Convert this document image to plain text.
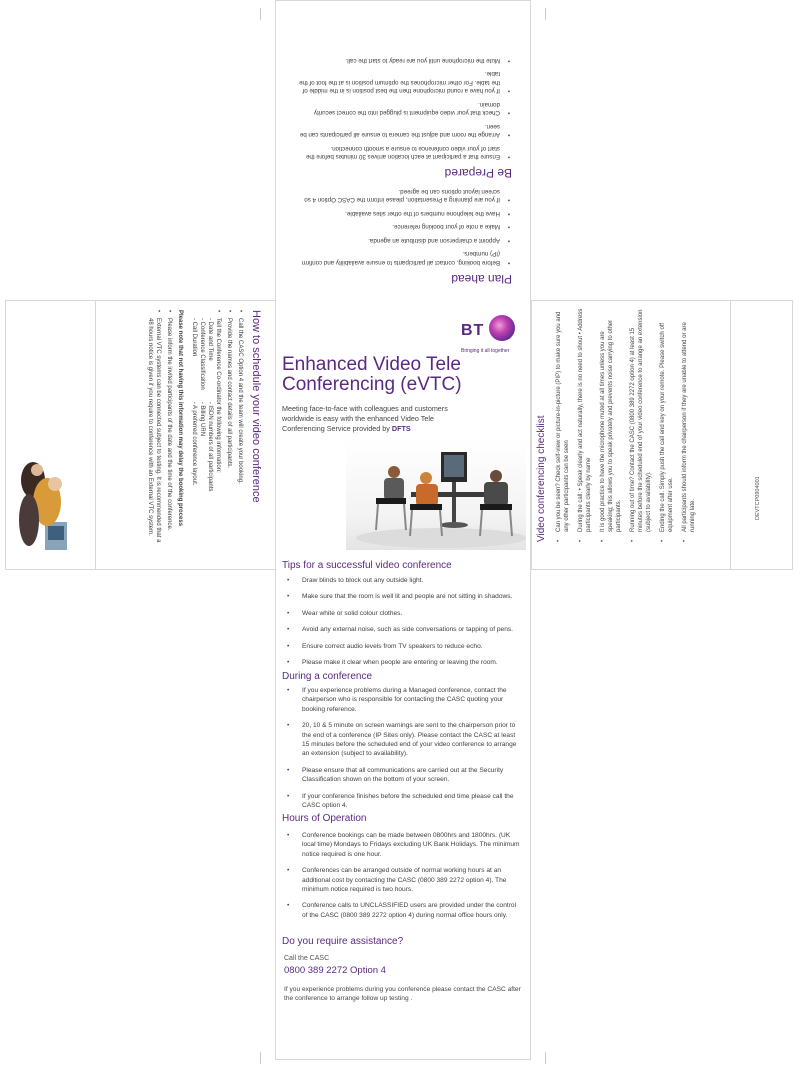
Plan ahead
• Before booking, contact all participants to ensure availability and confirm (IP) numbers.
• Appoint a chairperson and distribute an agenda.
• Make a note of your booking reference.
• Have the telephone numbers of the other sites available.
• If you are planning a Presentation, please inform the CASC Option 4 so screen layout options can be agreed.
Be Prepared
• Ensure that a participant at each location arrives 30 minutes before the start of your video conference to ensure a smooth connection.
• Arrange the room and adjust the camera to ensure all participants can be seen.
• Check that your video equipment is plugged into the correct security domain.
• If you have a round microphone then the best position is in the middle of the table. For other microphones the optimum position is at the foot of the table.
• Mute the microphone until you are ready to start the call.
How to schedule your video conference
• Call the CASC Option 4 and the team will create your booking.
• Provide the names and contact details of all participants.
• Tell the Conference Co-ordinator the following information:

- Date and Time

- Conference Classification

- Call Duration

- ISDN numbers of all participants

- Billing URN

- A preferred conference layout.

Please note that not having this information may delay the booking process

• Please inform the invited participants of the date and the time of the conference.
• External VTC systems can be connected subject to testing. It is recommended that a 48 hours notice is given if you require to conference with an External VTC system.	BT
Bringing it all together
Enhanced Video Tele Conferencing (eVTC)
Meeting face-to-face with colleagues and customers worldwide is easy with the enhanced Video Tele Conferencing Service provided by DFTS
Tips for a successful video conference
• Draw blinds to block out any outside light.
• Make sure that the room is well lit and people are not sitting in shadows.
• Wear white or solid colour clothes.
• Avoid any external noise, such as side conversations or tapping of pens.
• Ensure correct audio levels from TV speakers to reduce echo.
• Please make it clear when people are entering or leaving the room.
During a conference
• If you experience problems during a Managed conference, contact the chairperson who is responsible for contacting the CASC quoting your booking reference.
• 20, 10 & 5 minute on screen warnings are sent to the chairperson prior to the end of a conference (IP Sites only). Please contact the CASC at least 15 minutes before the scheduled end of your video conference to arrange an extension (subject to availability).
• Please ensure that all communications are carried out at the Security Classification shown on the bottom of your screen.
• If your conference finishes before the scheduled end time please call the CASC option 4.
Hours of Operation
• Conference bookings can be made between 0800hrs and 1800hrs. (UK local time) Mondays to Fridays excluding UK Bank Holidays. The minimum notice required is one hour.
• Conferences can be arranged outside of normal working hours at an additional cost by contacting the CASC (0800 389 2272 option 4). The minimum notice required is two hours.
• Conference calls to UNCLASSIFIED users are provided under the control of the CASC (0800 389 2272 option 4) during normal office hours only.
Do you require assistance?
Call the CASC
0800 389 2272 Option 4
If you experience problems during you conference please contact the CASC after the conference to arrange follow up testing .
Video conferencing checklist • Can you be seen? Check self-view or picture-in-picture (PIP) to make sure you and any other participants can be seen • During the call: • Speak clearly and act naturally, there is no need to shout • Address participants clearly by name • It is good practice to have the microphone muted at all times unless you are speaking; this allows you to speak privately and prevents noise carrying to other participants. • Running out of time? Contact the CASC (0800 389 2272 option 4) at least 15 minutes before the scheduled end of your video conference to arrange an extension (subject to availability). • Ending the call. Simply push the call end key on your remote. Please switch off equipment after use. • All participants should inform the chairperson if they are unable to attend or are running late.	DEVTCP0904001
